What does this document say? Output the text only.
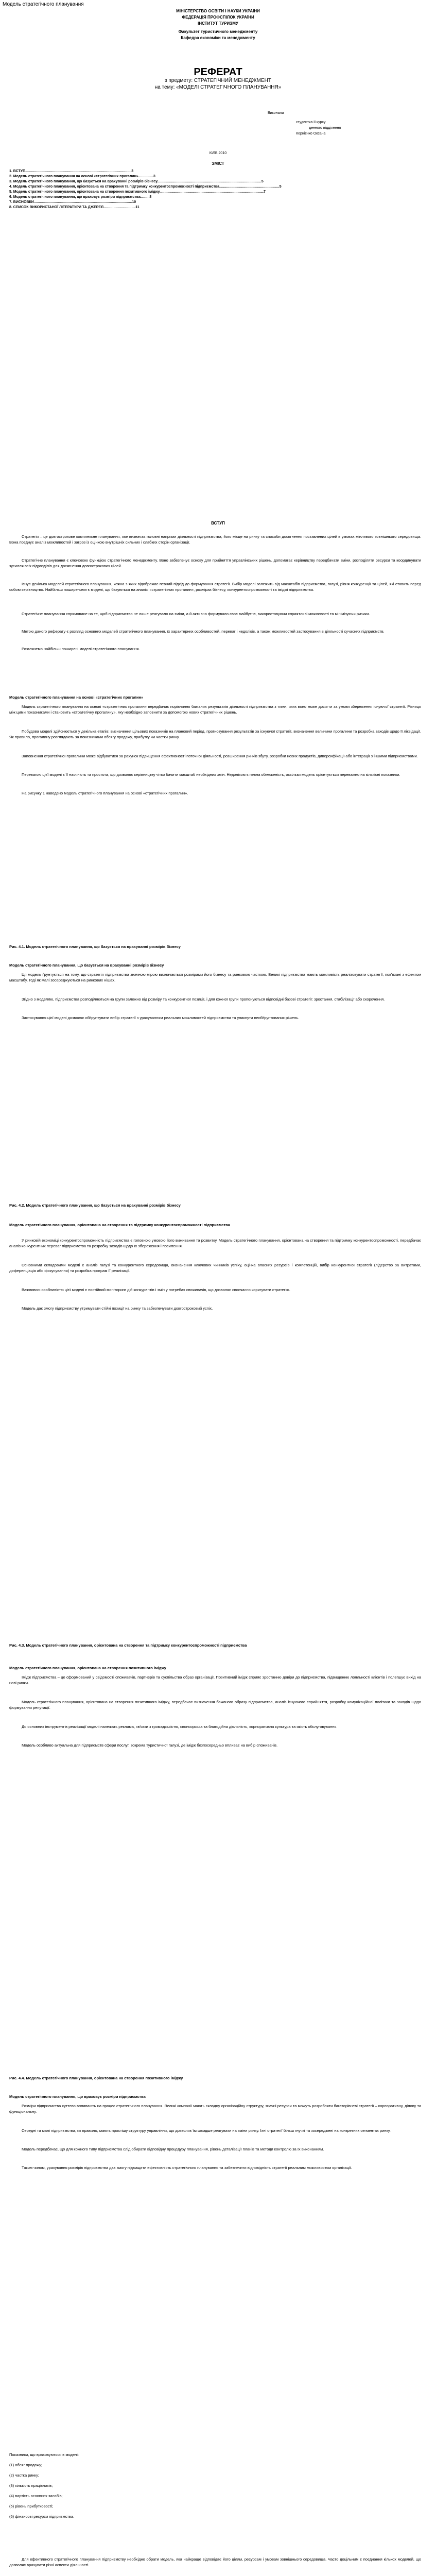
Модель стратегічного планування
МІНІСТЕРСТВО ОСВІТИ І НАУКИ УКРАЇНИ
ФЕДЕРАЦІЯ ПРОФСПІЛОК УКРАЇНИ
ІНСТИТУТ ТУРИЗМУ
Факультет туристичного менеджменту
Кафедра економіки та менеджменту
РЕФЕРАТ
з предмету: СТРАТЕГІЧНИЙ МЕНЕДЖМЕНТ
на тему: «МОДЕЛІ СТРАТЕГІЧНОГО ПЛАНУВАННЯ»
Виконала
студентка ІІ курсу
денного відділення
Корнієнко Оксана
КИЇВ 2010
ЗМІСТ
1. ВСТУП..........................................................................................................3
2. Модель стратегічного планування на основі «стратегічних прогалин»...............3
3. Модель стратегічного планування, що базується на врахуванні розмірів бізнесу........................................................................................................5
4. Модель стратегічного планування, орієнтована на створення та підтримку конкурентоспроможності підприємства............................................................5
5. Модель стратегічного планування, орієнтована на створення позитивного іміджу........................................................................................................7
6. Модель стратегічного планування, що враховує розміри підприємства.........8
7. ВИСНОВКИ..................................................................................................10
8. СПИСОК ВИКОРИСТАНОЇ ЛІТЕРАТУРИ ТА ДЖЕРЕЛ................................11
ВСТУП
Стратегія – це довгострокове комплексне планування, яке визначає головні напрями діяльності підприємства, його місце на ринку та способи досягнення поставлених цілей в умовах мінливого зовнішнього середовища. Вона поєднує аналіз можливостей і загроз із оцінкою внутрішніх сильних і слабких сторін організації.
Стратегічне планування є ключовою функцією стратегічного менеджменту. Воно забезпечує основу для прийняття управлінських рішень, допомагає керівництву передбачати зміни, розподіляти ресурси та координувати зусилля всіх підрозділів для досягнення довгострокових цілей.
Існує декілька моделей стратегічного планування, кожна з яких відображає певний підхід до формування стратегії. Вибір моделі залежить від масштабів підприємства, галузі, рівня конкуренції та цілей, які ставить перед собою керівництво. Найбільш поширеними є моделі, що базуються на аналізі «стратегічних прогалин», розмірах бізнесу, конкурентоспроможності та іміджі підприємства.
Стратегічне планування спрямоване на те, щоб підприємство не лише реагувало на зміни, а й активно формувало своє майбутнє, використовуючи сприятливі можливості та мінімізуючи ризики.
Метою даного реферату є розгляд основних моделей стратегічного планування, їх характерних особливостей, переваг і недоліків, а також можливостей застосування в діяльності сучасних підприємств.
Розглянемо найбільш поширені моделі стратегічного планування.
Модель стратегічного планування на основі «стратегічних прогалин»
Модель стратегічного планування на основі «стратегічних прогалин» передбачає порівняння бажаних результатів діяльності підприємства з тими, яких воно може досягти за умови збереження існуючої стратегії. Різниця між цими показниками і становить «стратегічну прогалину», яку необхідно заповнити за допомогою нових стратегічних рішень.
Побудова моделі здійснюється у декілька етапів: визначення цільових показників на плановий період, прогнозування результатів за існуючої стратегії, визначення величини прогалини та розробка заходів щодо її ліквідації. Як правило, прогалину розглядають за показниками обсягу продажу, прибутку чи частки ринку.
Заповнення стратегічної прогалини може відбуватися за рахунок підвищення ефективності поточної діяльності, розширення ринків збуту, розробки нових продуктів, диверсифікації або інтеграції з іншими підприємствами.
Перевагою цієї моделі є її наочність та простота, що дозволяє керівництву чітко бачити масштаб необхідних змін. Недоліком є певна обмеженість, оскільки модель орієнтується переважно на кількісні показники.
На рисунку 1 наведено модель стратегічного планування на основі «стратегічних прогалин».
Рис. 4.1. Модель стратегічного планування, що базується на врахуванні розмірів бізнесу
Модель стратегічного планування, що базується на врахуванні розмірів бізнесу
Ця модель ґрунтується на тому, що стратегія підприємства значною мірою визначається розмірами його бізнесу та ринковою часткою. Великі підприємства мають можливість реалізовувати стратегії, пов'язані з ефектом масштабу, тоді як малі зосереджуються на ринкових нішах.
Згідно з моделлю, підприємства розподіляються на групи залежно від розміру та конкурентної позиції, і для кожної групи пропонуються відповідні базові стратегії: зростання, стабілізації або скорочення.
Застосування цієї моделі дозволяє обґрунтувати вибір стратегії з урахуванням реальних можливостей підприємства та уникнути необґрунтованих рішень.
Рис. 4.2. Модель стратегічного планування, що базується на врахуванні розмірів бізнесу
Модель стратегічного планування, орієнтована на створення та підтримку конкурентоспроможності підприємства
У ринковій економіці конкурентоспроможність підприємства є головною умовою його виживання та розвитку. Модель стратегічного планування, орієнтована на створення та підтримку конкурентоспроможності, передбачає аналіз конкурентних переваг підприємства та розробку заходів щодо їх збереження і посилення.
Основними складовими моделі є аналіз галузі та конкурентного середовища, визначення ключових чинників успіху, оцінка власних ресурсів і компетенцій, вибір конкурентної стратегії (лідерство за витратами, диференціація або фокусування) та розробка програм її реалізації.
Важливою особливістю цієї моделі є постійний моніторинг дій конкурентів і змін у потребах споживачів, що дозволяє своєчасно коригувати стратегію.
Модель дає змогу підприємству утримувати стійкі позиції на ринку та забезпечувати довгостроковий успіх.
Рис. 4.3. Модель стратегічного планування, орієнтована на створення та підтримку конкурентоспроможності підприємства
Модель стратегічного планування, орієнтована на створення позитивного іміджу
Імідж підприємства – це сформований у свідомості споживачів, партнерів та суспільства образ організації. Позитивний імідж сприяє зростанню довіри до підприємства, підвищенню лояльності клієнтів і полегшує вихід на нові ринки.
Модель стратегічного планування, орієнтована на створення позитивного іміджу, передбачає визначення бажаного образу підприємства, аналіз існуючого сприйняття, розробку комунікаційної політики та заходів щодо формування репутації.
До основних інструментів реалізації моделі належать реклама, зв'язки з громадськістю, спонсорська та благодійна діяльність, корпоративна культура та якість обслуговування.
Модель особливо актуальна для підприємств сфери послуг, зокрема туристичної галузі, де імідж безпосередньо впливає на вибір споживачів.
Рис. 4.4. Модель стратегічного планування, орієнтована на створення позитивного іміджу
Модель стратегічного планування, що враховує розміри підприємства
Розміри підприємства суттєво впливають на процес стратегічного планування. Великі компанії мають складну організаційну структуру, значні ресурси та можуть розробляти багаторівневі стратегії – корпоративну, ділову та функціональну.
Середні та малі підприємства, як правило, мають простішу структуру управління, що дозволяє їм швидше реагувати на зміни ринку. Їхні стратегії більш гнучкі та зосереджені на конкретних сегментах ринку.
Модель передбачає, що для кожного типу підприємства слід обирати відповідну процедуру планування, рівень деталізації планів та методи контролю за їх виконанням.
Таким чином, урахування розмірів підприємства дає змогу підвищити ефективність стратегічного планування та забезпечити відповідність стратегії реальним можливостям організації.
Показники, що враховуються в моделі:
(1) обсяг продажу;
(2) частка ринку;
(3) кількість працівників;
(4) вартість основних засобів;
(5) рівень прибутковості;
(6) фінансові ресурси підприємства.
Для ефективного стратегічного планування підприємству необхідно обрати модель, яка найкраще відповідає його цілям, ресурсам і умовам зовнішнього середовища. Часто доцільним є поєднання кількох моделей, що дозволяє врахувати різні аспекти діяльності.
